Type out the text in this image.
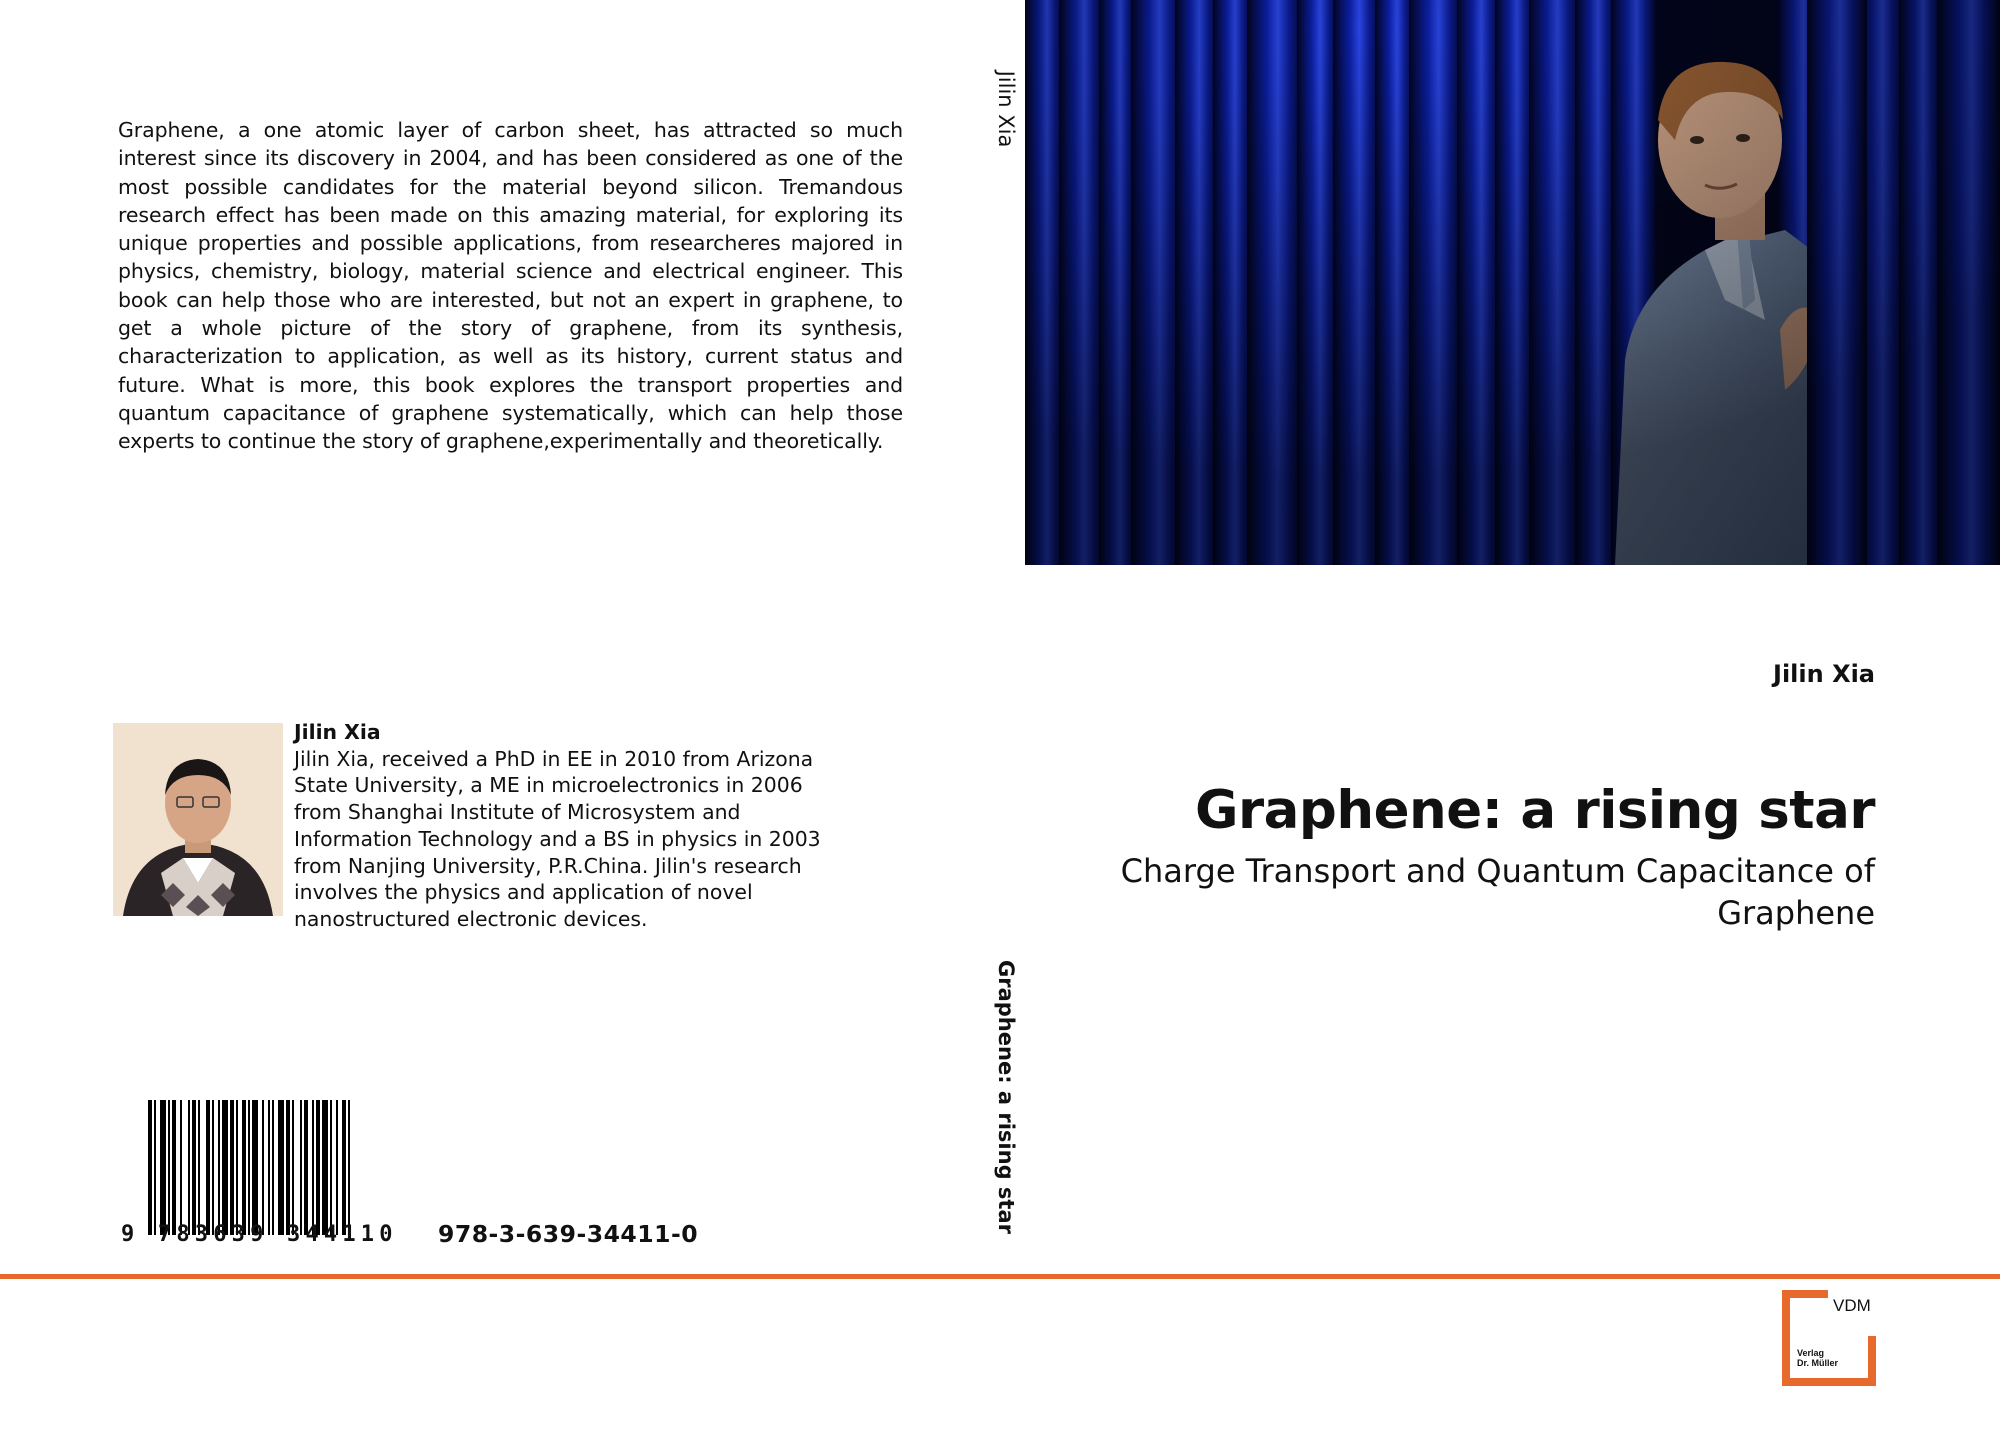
Graphene, a one atomic layer of carbon sheet, has attracted so much interest since its discovery in 2004, and has been considered as one of the most possible candidates for the material beyond silicon. Tremandous research effect has been made on this amazing material, for exploring its unique properties and possible applications, from researcheres majored in physics, chemistry, biology, material science and electrical engineer. This book can help those who are interested, but not an expert in graphene, to get a whole picture of the story of graphene, from its synthesis, characterization to application, as well as its history, current status and future. What is more, this book explores the transport properties and quantum capacitance of graphene systematically, which can help those experts to continue the story of graphene,experimentally and theoretically.
Jilin Xia
Graphene: a rising star
Jilin Xia
Jilin Xia, received a PhD in EE in 2010 from Arizona State University, a ME in microelectronics in 2006 from Shanghai Institute of Microsystem and Information Technology and a BS in physics in 2003 from Nanjing University, P.R.China. Jilin's research involves the physics and application of novel nanostructured electronic devices.
9 783639 344110 978-3-639-34411-0
Jilin Xia
Graphene: a rising star
Charge Transport and Quantum Capacitance of Graphene
VDM
Verlag
Dr. Müller
